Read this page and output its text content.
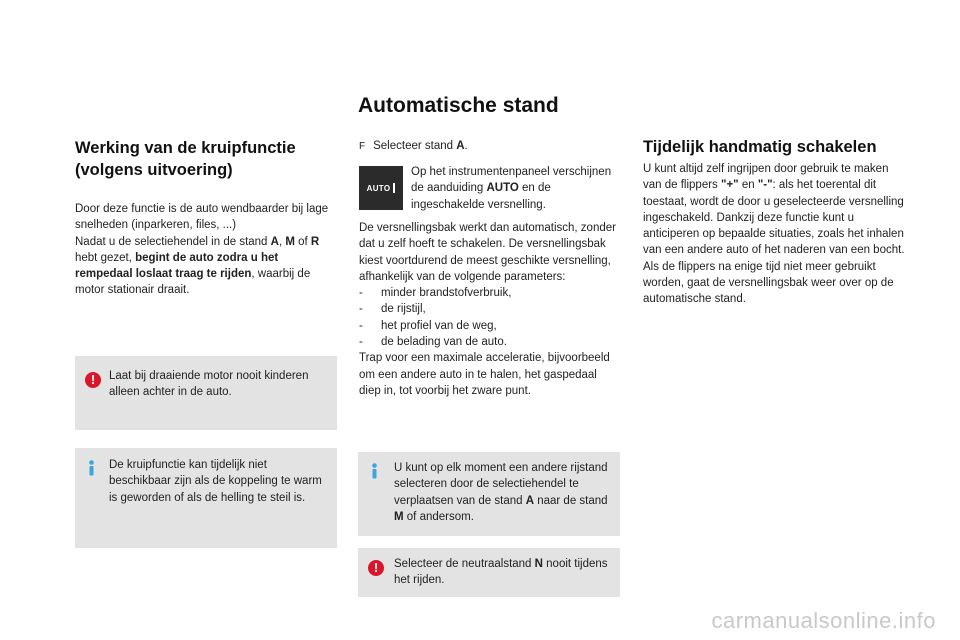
Automatische stand
Werking van de kruipfunctie (volgens uitvoering)
Door deze functie is de auto wendbaarder bij lage snelheden (inparkeren, files, ...)
Nadat u de selectiehendel in de stand A, M of R hebt gezet, begint de auto zodra u het rempedaal loslaat traag te rijden, waarbij de motor stationair draait.
!	Laat bij draaiende motor nooit kinderen alleen achter in de auto.
De kruipfunctie kan tijdelijk niet beschikbaar zijn als de koppeling te warm is geworden of als de helling te steil is.
F Selecteer stand A.
AUTO
Op het instrumentenpaneel verschijnen de aanduiding AUTO en de ingeschakelde versnelling.
De versnellingsbak werkt dan automatisch, zonder dat u zelf hoeft te schakelen. De versnellingsbak kiest voortdurend de meest geschikte versnelling, afhankelijk van de volgende parameters:
- minder brandstofverbruik,
- de rijstijl,
- het profiel van de weg,
- de belading van de auto.
Trap voor een maximale acceleratie, bijvoorbeeld om een andere auto in te halen, het gaspedaal diep in, tot voorbij het zware punt.
U kunt op elk moment een andere rijstand selecteren door de selectiehendel te verplaatsen van de stand A naar de stand M of andersom.
!	Selecteer de neutraalstand N nooit tijdens het rijden.
Tijdelijk handmatig schakelen
U kunt altijd zelf ingrijpen door gebruik te maken van de flippers "+" en "-": als het toerental dit toestaat, wordt de door u geselecteerde versnelling ingeschakeld. Dankzij deze functie kunt u anticiperen op bepaalde situaties, zoals het inhalen van een andere auto of het naderen van een bocht. Als de flippers na enige tijd niet meer gebruikt worden, gaat de versnellingsbak weer over op de automatische stand.
carmanualsonline.info
